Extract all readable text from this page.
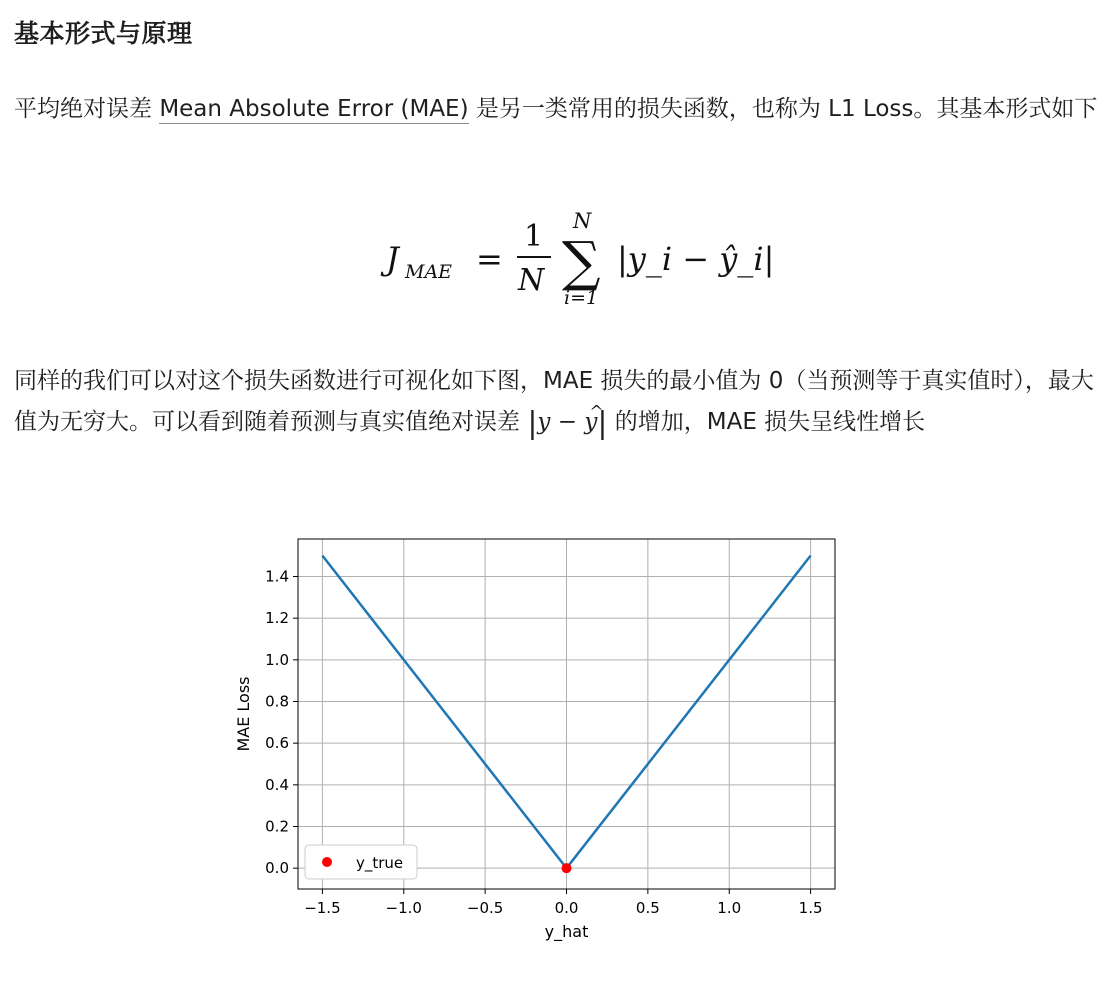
基本形式与原理

平均绝对误差 Mean Absolute Error (MAE) 是另一类常用的损失函数，也称为 L1 Loss。其基本形式如下

J MAE =
1
N
N
∑
i=1
|y_i − ŷ_i|

同样的我们可以对这个损失函数进行可视化如下图，MAE 损失的最小值为 0（当预测等于真实值时），最大值为无穷大。可以看到随着预测与真实值绝对误差 |y − ^ y| 的增加，MAE 损失呈线性增长

−1.5	−1.0	−0.5	0.0	0.5	1.0	1.5
0.0
0.2
0.4
0.6
0.8
1.0
1.2
1.4
y_hat
MAE Loss
y_true
